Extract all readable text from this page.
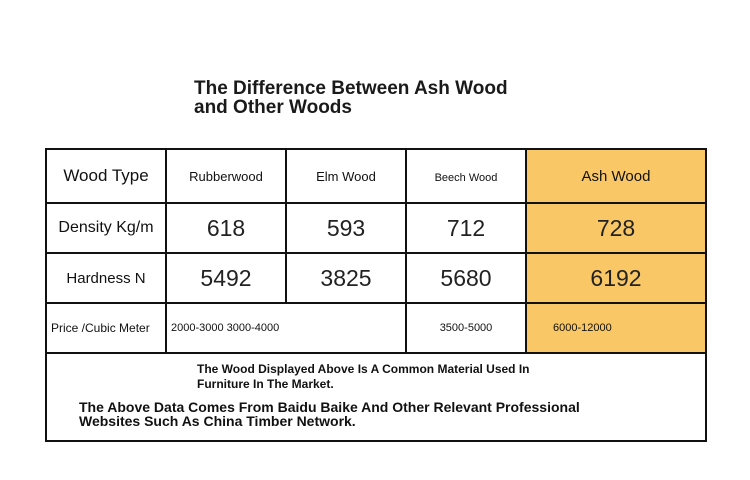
The Difference Between Ash Wood
and Other Woods
Wood Type	Rubberwood	Elm Wood	Beech Wood	Ash Wood
Density Kg/m	618	593	712	728
Hardness N	5492	3825	5680	6192
Price /Cubic Meter	2000-3000 3000-4000		3500-5000	6000-12000

The Wood Displayed Above Is A Common Material Used In Furniture In The Market.
The Above Data Comes From Baidu Baike And Other Relevant Professional Websites Such As China Timber Network.				
